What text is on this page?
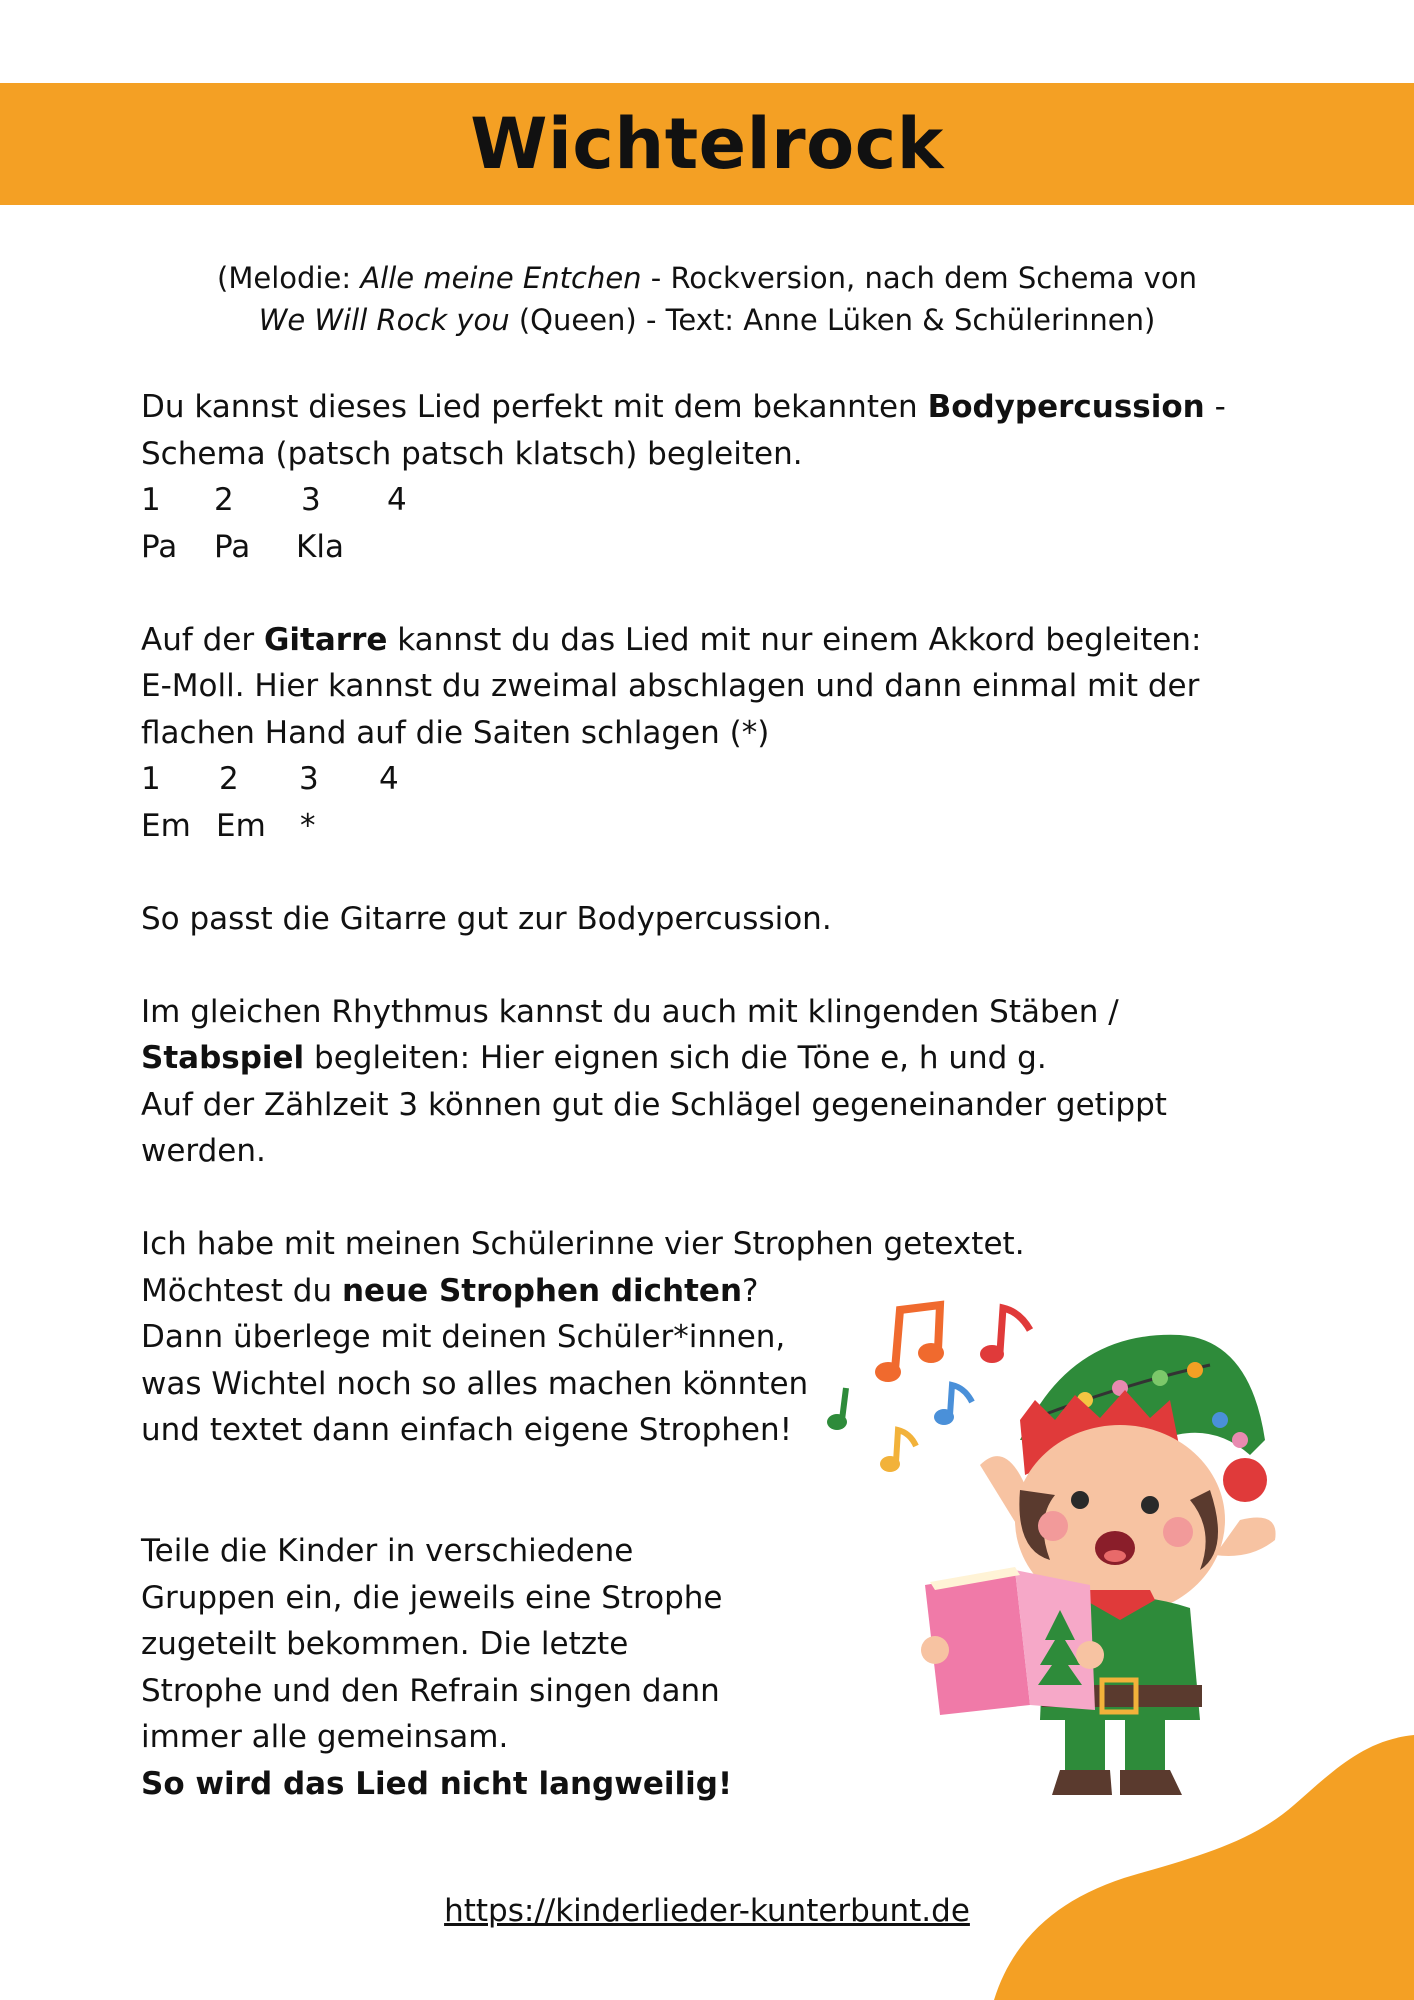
Wichtelrock
(Melodie: Alle meine Entchen - Rockversion, nach dem Schema von
We Will Rock you (Queen) - Text: Anne Lüken & Schülerinnen)
Du kannst dieses Lied perfekt mit dem bekannten Bodypercussion -
Schema (patsch patsch klatsch) begleiten.
1	2	3	4
Pa	Pa	Kla
Auf der Gitarre kannst du das Lied mit nur einem Akkord begleiten:
E-Moll. Hier kannst du zweimal abschlagen und dann einmal mit der
flachen Hand auf die Saiten schlagen (*)
1	2	3	4
Em Em	*
So passt die Gitarre gut zur Bodypercussion.
Im gleichen Rhythmus kannst du auch mit klingenden Stäben /
Stabspiel begleiten: Hier eignen sich die Töne e, h und g.
Auf der Zählzeit 3 können gut die Schlägel gegeneinander getippt
werden.
Ich habe mit meinen Schülerinne vier Strophen getextet.
Möchtest du neue Strophen dichten?
Dann überlege mit deinen Schüler*innen,
was Wichtel noch so alles machen könnten
und textet dann einfach eigene Strophen!
Teile die Kinder in verschiedene
Gruppen ein, die jeweils eine Strophe
zugeteilt bekommen. Die letzte
Strophe und den Refrain singen dann
immer alle gemeinsam.
So wird das Lied nicht langweilig!
https://kinderlieder-kunterbunt.de
